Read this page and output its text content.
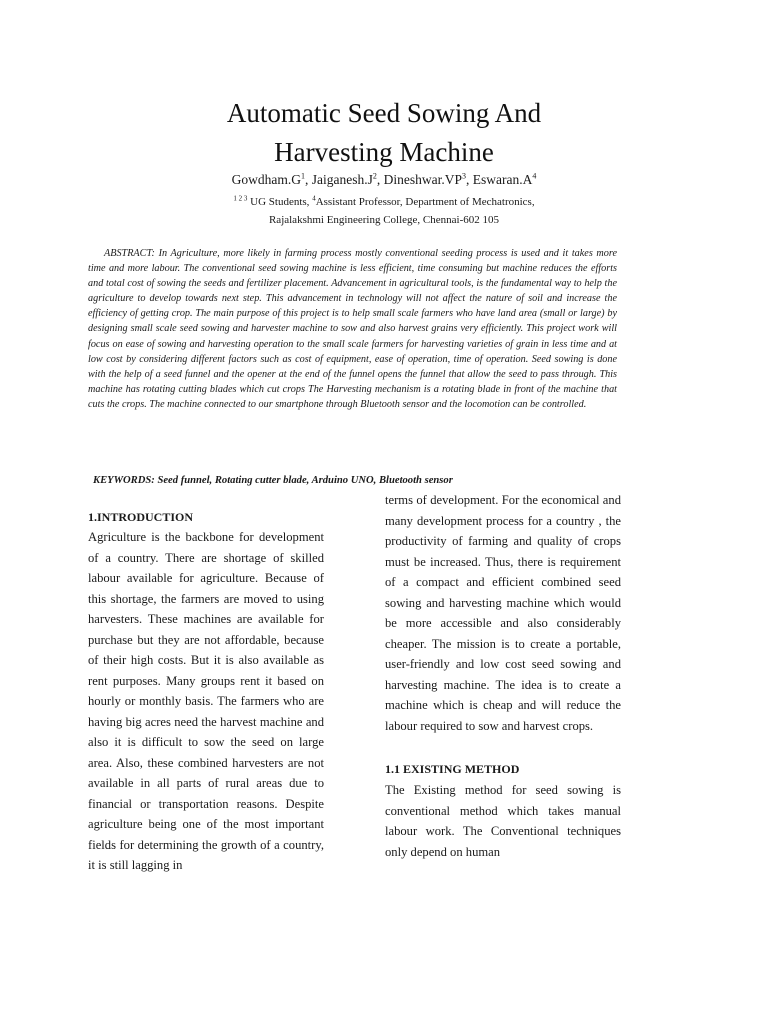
Automatic Seed Sowing And
Harvesting Machine
$Gowdham.G^1$, $Jaiganesh.J^2$, $Dineshwar.VP^3$, $Eswaran.A^4$
$^{1 2 3}$ UG Students, $^4$Assistant Professor, Department of Mechatronics,
Rajalakshmi Engineering College, Chennai-602 105

ABSTRACT: In Agriculture, more likely in farming process mostly conventional seeding process is used and it takes more time and more labour. The conventional seed sowing machine is less efficient, time consuming but machine reduces the efforts and total cost of sowing the seeds and fertilizer placement. Advancement in agricultural tools, is the fundamental way to help the agriculture to develop towards next step. This advancement in technology will not affect the nature of soil and increase the efficiency of getting crop. The main purpose of this project is to help small scale farmers who have land area (small or large) by designing small scale seed sowing and harvester machine to sow and also harvest grains very efficiently. This project work will focus on ease of sowing and harvesting operation to the small scale farmers for harvesting varieties of grain in less time and at low cost by considering different factors such as cost of equipment, ease of operation, time of operation. Seed sowing is done with the help of a seed funnel and the opener at the end of the funnel opens the funnel that allow the seed to pass through. This machine has rotating cutting blades which cut crops The Harvesting mechanism is a rotating blade in front of the machine that cuts the crops. The machine connected to our smartphone through Bluetooth sensor and the locomotion can be controlled.

KEYWORDS: Seed funnel, Rotating cutter blade, Arduino UNO, Bluetooth sensor
1.INTRODUCTION

Agriculture is the backbone for development of a country. There are shortage of skilled labour available for agriculture. Because of this shortage, the farmers are moved to using harvesters. These machines are available for purchase but they are not affordable, because of their high costs. But it is also available as rent purposes. Many groups rent it based on hourly or monthly basis. The farmers who are having big acres need the harvest machine and also it is difficult to sow the seed on large area. Also, these combined harvesters are not available in all parts of rural areas due to financial or transportation reasons. Despite agriculture being one of the most important fields for determining the growth of a country, it is still lagging in

terms of development. For the economical and many development process for a country , the productivity of farming and quality of crops must be increased. Thus, there is requirement of a compact and efficient combined seed sowing and harvesting machine which would be more accessible and also considerably cheaper. The mission is to create a portable, user-friendly and low cost seed sowing and harvesting machine. The idea is to create a machine which is cheap and will reduce the labour required to sow and harvest crops.

1.1 EXISTING METHOD

The Existing method for seed sowing is conventional method which takes manual labour work. The Conventional techniques only depend on human
